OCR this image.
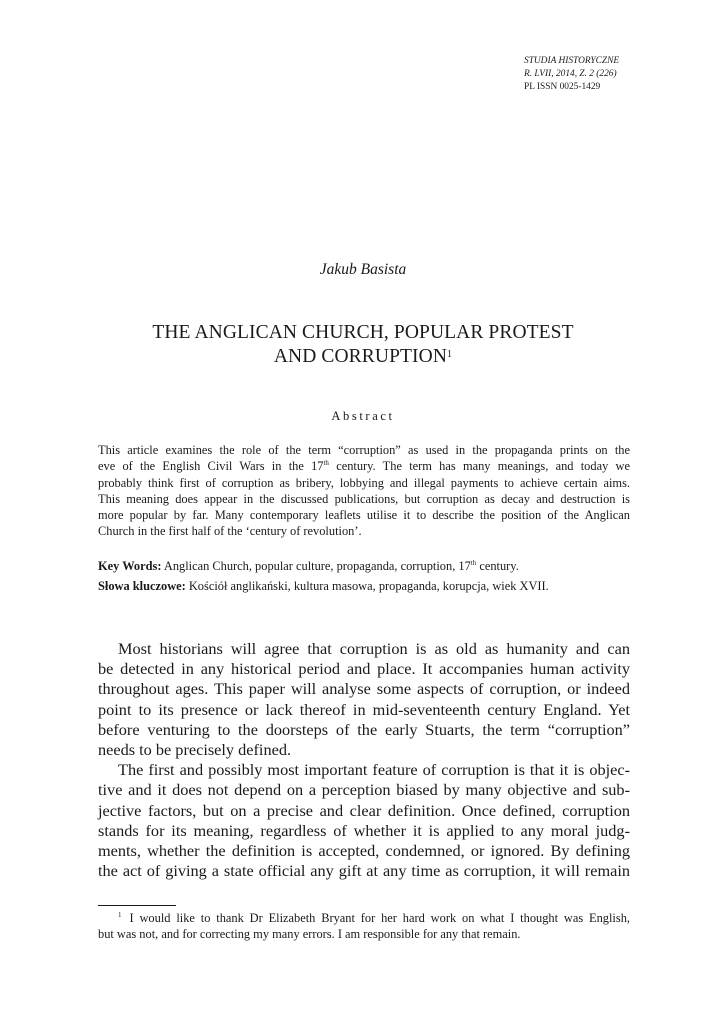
STUDIA HISTORYCZNE
R. LVII, 2014, Z. 2 (226)
PL ISSN 0025-1429
Jakub Basista
THE ANGLICAN CHURCH, POPULAR PROTEST
AND CORRUPTION$^1$
Abstract
This article examines the role of the term “corruption” as used in the propaganda prints on the
eve of the English Civil Wars in the 17th century. The term has many meanings, and today we
probably think first of corruption as bribery, lobbying and illegal payments to achieve certain aims.
This meaning does appear in the discussed publications, but corruption as decay and destruction is
more popular by far. Many contemporary leaflets utilise it to describe the position of the Anglican
Church in the first half of the ‘century of revolution’.
Key Words: Anglican Church, popular culture, propaganda, corruption, 17th century.
Słowa kluczowe: Kościół anglikański, kultura masowa, propaganda, korupcja, wiek XVII.
Most historians will agree that corruption is as old as humanity and can
be detected in any historical period and place. It accompanies human activity
throughout ages. This paper will analyse some aspects of corruption, or indeed
point to its presence or lack thereof in mid-seventeenth century England. Yet
before venturing to the doorsteps of the early Stuarts, the term “corruption”
needs to be precisely defined.
The first and possibly most important feature of corruption is that it is objec-
tive and it does not depend on a perception biased by many objective and sub-
jective factors, but on a precise and clear definition. Once defined, corruption
stands for its meaning, regardless of whether it is applied to any moral judg-
ments, whether the definition is accepted, condemned, or ignored. By defining
the act of giving a state official any gift at any time as corruption, it will remain
$^1$ I would like to thank Dr Elizabeth Bryant for her hard work on what I thought was English,
but was not, and for correcting my many errors. I am responsible for any that remain.
